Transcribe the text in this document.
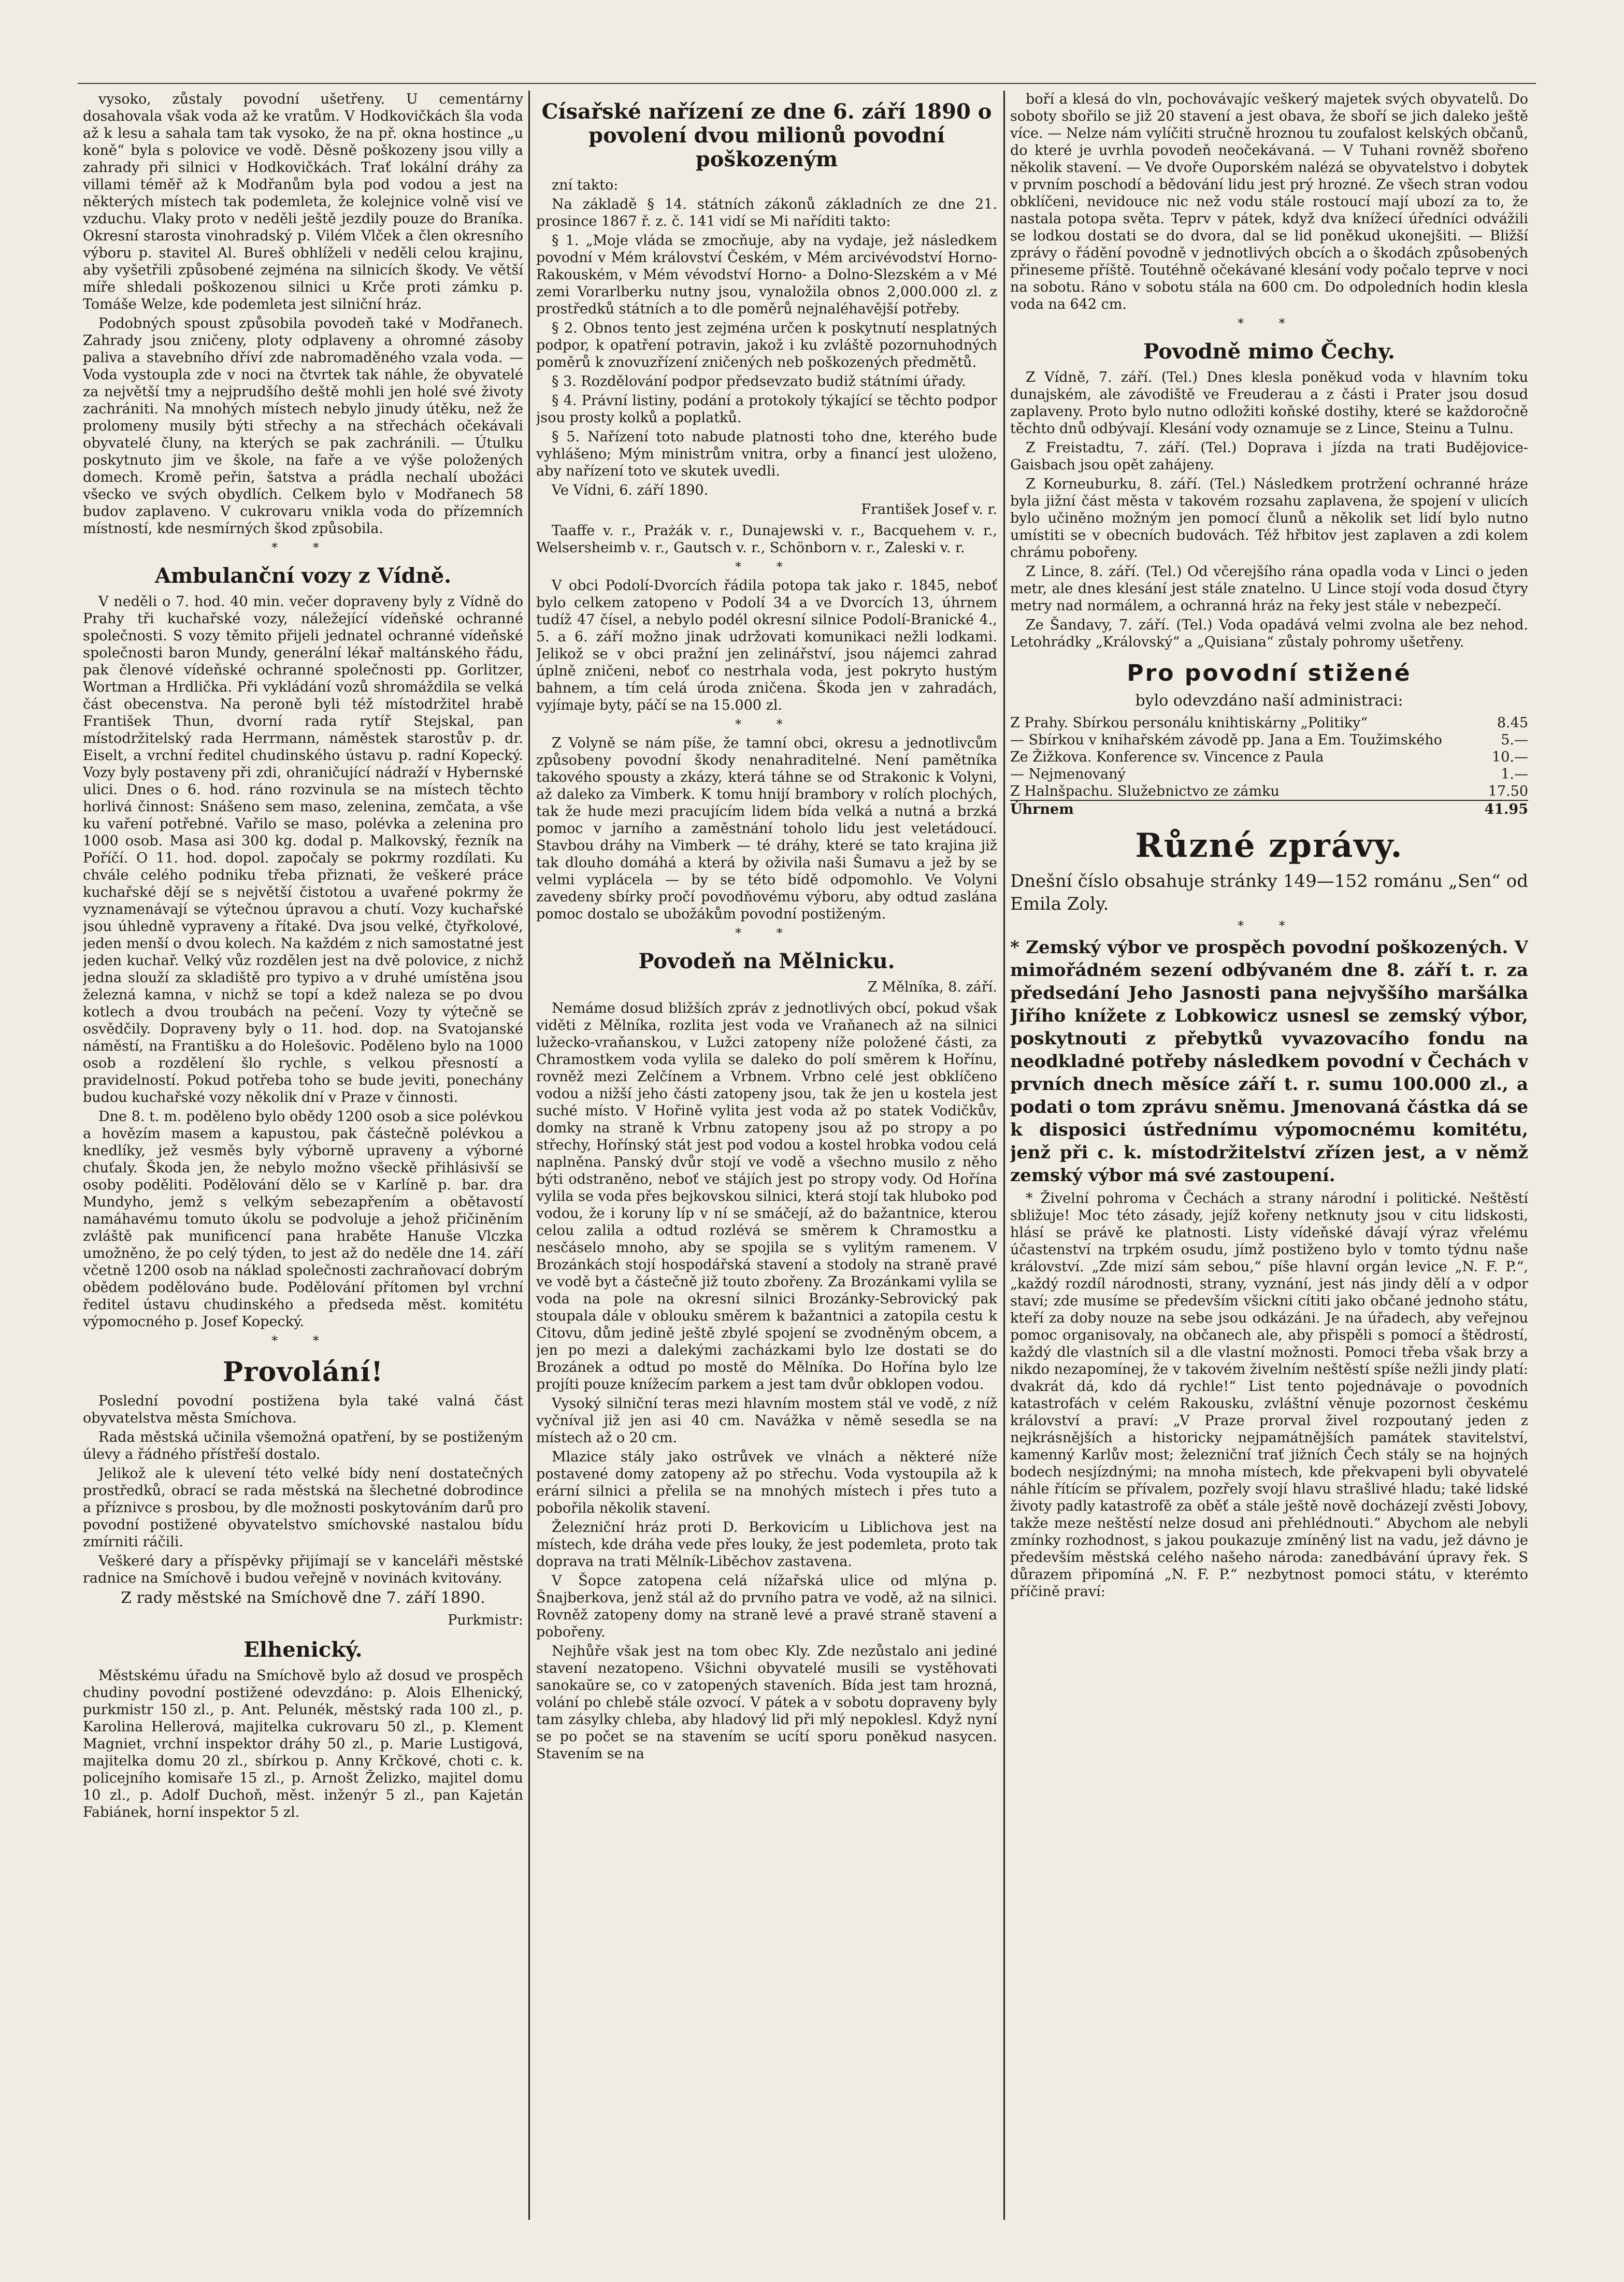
vysoko, zůstaly povodní ušetřeny. U cementárny dosahovala však voda až ke vratům. V Hodkovičkách šla voda až k lesu a sahala tam tak vysoko, že na př. okna hostince „u koně“ byla s polovice ve vodě. Děsně poškozeny jsou villy a zahrady při silnici v Hodkovičkách. Trať lokální dráhy za villami téměř až k Modřanům byla pod vodou a jest na některých místech tak podemleta, že kolejnice volně visí ve vzduchu. Vlaky proto v neděli ještě jezdily pouze do Braníka. Okresní starosta vinohradský p. Vilém Vlček a člen okresního výboru p. stavitel Al. Bureš obhlíželi v neděli celou krajinu, aby vyšetřili způsobené zejména na silnicích škody. Ve větší míře shledali poškozenou silnici u Krče proti zámku p. Tomáše Welze, kde podemleta jest silniční hráz.

Podobných spoust způsobila povodeň také v Modřanech. Zahrady jsou zničeny, ploty odplaveny a ohromné zásoby paliva a stavebního dříví zde nabromaděného vzala voda. — Voda vystoupla zde v noci na čtvrtek tak náhle, že obyvatelé za největší tmy a nejprudšího deště mohli jen holé své životy zachrániti. Na mnohých místech nebylo jinudy útěku, než že prolomeny musily býti střechy a na střechách očekávali obyvatelé čluny, na kterých se pak zachránili. — Útulku poskytnuto jim ve škole, na faře a ve výše položených domech. Kromě peřin, šatstva a prádla nechalí ubožáci všecko ve svých obydlích. Celkem bylo v Modřanech 58 budov zaplaveno. V cukrovaru vnikla voda do přízemních místností, kde nesmírných škod způsobila.

* *

Ambulanční vozy z Vídně.

V neděli o 7. hod. 40 min. večer dopraveny byly z Vídně do Prahy tři kuchařské vozy, náležející vídeňské ochranné společnosti. S vozy těmito přijeli jednatel ochranné vídeňské společnosti baron Mundy, generální lékař maltánského řádu, pak členové vídeňské ochranné společnosti pp. Gorlitzer, Wortman a Hrdlička. Při vykládání vozů shromáždila se velká část obecenstva. Na peroně byli též místodržitel hrabě František Thun, dvorní rada rytíř Stejskal, pan místodržitelský rada Herrmann, náměstek starostův p. dr. Eiselt, a vrchní ředitel chudinského ústavu p. radní Kopecký. Vozy byly postaveny při zdi, ohraničující nádraží v Hybernské ulici. Dnes o 6. hod. ráno rozvinula se na místech těchto horlivá činnost: Snášeno sem maso, zelenina, zemčata, a vše ku vaření potřebné. Vařilo se maso, polévka a zelenina pro 1000 osob. Masa asi 300 kg. dodal p. Malkovský, řezník na Poříčí. O 11. hod. dopol. započaly se pokrmy rozdílati. Ku chvále celého podniku třeba přiznati, že veškeré práce kuchařské dějí se s největší čistotou a uvařené pokrmy že vyznamenávají se výtečnou úpravou a chutí. Vozy kuchařské jsou úhledně vypraveny a řítaké. Dva jsou velké, čtyřkolové, jeden menší o dvou kolech. Na každém z nich samostatné jest jeden kuchař. Velký vůz rozdělen jest na dvě polovice, z nichž jedna slouží za skladiště pro typivo a v druhé umístěna jsou železná kamna, v nichž se topí a kdež naleza se po dvou kotlech a dvou troubách na pečení. Vozy ty výtečně se osvědčily. Dopraveny byly o 11. hod. dop. na Svatojanské náměstí, na Františku a do Holešovic. Poděleno bylo na 1000 osob a rozdělení šlo rychle, s velkou přesností a pravidelností. Pokud potřeba toho se bude jeviti, ponechány budou kuchařské vozy několik dní v Praze v činnosti.

Dne 8. t. m. poděleno bylo obědy 1200 osob a sice polévkou a hovězím masem a kapustou, pak částečně polévkou a knedlíky, jež vesměs byly výborně upraveny a výborné chuťaly. Škoda jen, že nebylo možno všeckě přihlásivší se osoby poděliti. Podělování dělo se v Karlíně p. bar. dra Mundyho, jemž s velkým sebezapřením a obětavostí namáhavému tomuto úkolu se podvoluje a jehož přičiněním zvláště pak munificencí pana hraběte Hanuše Vlczka umožněno, že po celý týden, to jest až do neděle dne 14. září včetně 1200 osob na náklad společnosti zachraňovací dobrým obědem podělováno bude. Podělování přítomen byl vrchní ředitel ústavu chudinského a předseda měst. komitétu výpomocného p. Josef Kopecký.

* *

Provolání!

Poslední povodní postižena byla také valná část obyvatelstva města Smíchova.

Rada městská učinila všemožná opatření, by se postiženým úlevy a řádného přístřeší dostalo.

Jelikož ale k ulevení této velké bídy není dostatečných prostředků, obrací se rada městská na šlechetné dobrodince a příznivce s prosbou, by dle možnosti poskytováním darů pro povodní postižené obyvatelstvo smíchovské nastalou bídu zmírniti ráčili.

Veškeré dary a příspěvky přijímají se v kanceláři městské radnice na Smíchově i budou veřejně v novinách kvitovány.

Z rady městské na Smíchově dne 7. září 1890.

Purkmistr:

Elhenický.

Městskému úřadu na Smíchově bylo až dosud ve prospěch chudiny povodní postižené odevzdáno: p. Alois Elhenický, purkmistr 150 zl., p. Ant. Pelunék, městský rada 100 zl., p. Karolina Hellerová, majitelka cukrovaru 50 zl., p. Klement Magniet, vrchní inspektor dráhy 50 zl., p. Marie Lustigová, majitelka domu 20 zl., sbírkou p. Anny Krčkové, choti c. k. policejního komisaře 15 zl., p. Arnošt Želizko, majitel domu 10 zl., p. Adolf Duchoň, měst. inženýr 5 zl., pan Kajetán Fabiánek, horní inspektor 5 zl.

Císařské nařízení ze dne 6. září 1890 o povolení dvou milionů povodní poškozeným

zní takto:

Na základě § 14. státních zákonů základních ze dne 21. prosince 1867 ř. z. č. 141 vidí se Mi naříditi takto:

§ 1. „Moje vláda se zmocňuje, aby na vydaje, jež následkem povodní v Mém království Českém, v Mém arcivévodství Horno-Rakouském, v Mém vévodství Horno- a Dolno-Slezském a v Mé zemi Vorarlberku nutny jsou, vynaložila obnos 2,000.000 zl. z prostředků státních a to dle poměrů nejnaléhavější potřeby.

§ 2. Obnos tento jest zejména určen k poskytnutí nesplatných podpor, k opatření potravin, jakož i ku zvláště pozornuhodných poměrů k znovuzřízení zničených neb poškozených předmětů.

§ 3. Rozdělování podpor předsevzato budiž státními úřady.

§ 4. Právní listiny, podání a protokoly týkající se těchto podpor jsou prosty kolků a poplatků.

§ 5. Nařízení toto nabude platnosti toho dne, kterého bude vyhlášeno; Mým ministrům vnitra, orby a financí jest uloženo, aby nařízení toto ve skutek uvedli.

Ve Vídni, 6. září 1890.

František Josef v. r.

Taaffe v. r., Prażák v. r., Dunajewski v. r., Bacquehem v. r., Welsersheimb v. r., Gautsch v. r., Schönborn v. r., Zaleski v. r.

* *

V obci Podolí-Dvorcích řádila potopa tak jako r. 1845, neboť bylo celkem zatopeno v Podolí 34 a ve Dvorcích 13, úhrnem tudíž 47 čísel, a nebylo podél okresní silnice Podolí-Branické 4., 5. a 6. září možno jinak udržovati komunikaci nežli lodkami. Jelikož se v obci pražní jen zelinářství, jsou nájemci zahrad úplně zničeni, neboť co nestrhala voda, jest pokryto hustým bahnem, a tím celá úroda zničena. Škoda jen v zahradách, vyjímaje byty, páčí se na 15.000 zl.

* *

Z Volyně se nám píše, že tamní obci, okresu a jednotlivcům způsobeny povodní škody nenahraditelné. Není pamětníka takového spousty a zkázy, která táhne se od Strakonic k Volyni, až daleko za Vimberk. K tomu hnijí brambory v rolích plochých, tak že hude mezi pracujícím lidem bída velká a nutná a brzká pomoc v jarního a zaměstnání toholo lidu jest veletádoucí. Stavbou dráhy na Vimberk — té dráhy, které se tato krajina již tak dlouho domáhá a která by oživila naši Šumavu a jež by se velmi vyplácela — by se této bídě odpomohlo. Ve Volyni zavedeny sbírky pročí povodňovému výboru, aby odtud zaslána pomoc dostalo se ubožákům povodní postiženým.

* *

Povodeň na Mělnicku.

Z Mělníka, 8. září.

Nemáme dosud bližších zpráv z jednotlivých obcí, pokud však viděti z Mělníka, rozlita jest voda ve Vraňanech až na silnici lužecko-vraňanskou, v Lužci zatopeny níže položené části, za Chramostkem voda vylila se daleko do polí směrem k Hořínu, rovněž mezi Zelčínem a Vrbnem. Vrbno celé jest obklíčeno vodou a nižší jeho části zatopeny jsou, tak že jen u kostela jest suché místo. V Hořině vylita jest voda až po statek Vodičkův, domky na straně k Vrbnu zatopeny jsou až po stropy a po střechy, Hořínský stát jest pod vodou a kostel hrobka vodou celá naplněna. Panský dvůr stojí ve vodě a všechno musilo z něho býti odstraněno, neboť ve stájích jest po stropy vody. Od Hořína vylila se voda přes bejkovskou silnici, která stojí tak hluboko pod vodou, že i koruny líp v ní se smáčejí, až do bažantnice, kterou celou zalila a odtud rozlévá se směrem k Chramostku a nesčáselo mnoho, aby se spojila se s vylitým ramenem. V Brozánkách stojí hospodářská stavení a stodoly na straně pravé ve vodě byt a částečně již touto zbořeny. Za Brozánkami vylila se voda na pole na okresní silnici Brozánky-Sebrovický pak stoupala dále v oblouku směrem k bažantnici a zatopila cestu k Citovu, dům jedině ještě zbylé spojení se zvodněným obcem, a jen po mezi a dalekými zacházkami bylo lze dostati se do Brozánek a odtud po mostě do Mělníka. Do Hořína bylo lze projíti pouze knížecím parkem a jest tam dvůr obklopen vodou.

Vysoký silniční teras mezi hlavním mostem stál ve vodě, z níž vyčníval již jen asi 40 cm. Navážka v němě sesedla se na místech až o 20 cm.

Mlazice stály jako ostrůvek ve vlnách a některé níže postavené domy zatopeny až po střechu. Voda vystoupila až k erární silnici a přelila se na mnohých místech i přes tuto a pobořila několik stavení.

Železniční hráz proti D. Berkovicím u Liblichova jest na místech, kde dráha vede přes louky, že jest podemleta, proto tak doprava na trati Mělník-Liběchov zastavena.

V Šopce zatopena celá nížařská ulice od mlýna p. Šnajberkova, jenž stál až do prvního patra ve vodě, až na silnici. Rovněž zatopeny domy na straně levé a pravé straně stavení a pobořeny.

Nejhůře však jest na tom obec Kly. Zde nezůstalo ani jediné stavení nezatopeno. Všichni obyvatelé musili se vystěhovati sanokaŭre se, co v zatopených staveních. Bída jest tam hrozná, volání po chlebě stále ozvocí. V pátek a v sobotu dopraveny byly tam zásylky chleba, aby hladový lid při mlý nepoklesl. Když nyní se po počet se na stavením se ucítí sporu poněkud nasycen. Stavením se na

boří a klesá do vln, pochovávajíc veškerý majetek svých obyvatelů. Do soboty sbořilo se již 20 stavení a jest obava, že sboří se jich daleko ještě více. — Nelze nám vylíčiti stručně hroznou tu zoufalost kelských občanů, do které je uvrhla povodeň neočekávaná. — V Tuhani rovněž sbořeno několik stavení. — Ve dvoře Ouporském nalézá se obyvatelstvo i dobytek v prvním poschodí a bědování lidu jest prý hrozné. Ze všech stran vodou obklíčeni, nevidouce nic než vodu stále rostoucí mají ubozí za to, že nastala potopa světa. Teprv v pátek, když dva knížecí úředníci odvážili se lodkou dostati se do dvora, dal se lid poněkud ukonejšiti. — Bližší zprávy o řádění povodně v jednotlivých obcích a o škodách způsobených přineseme příště. Toutéhně očekávané klesání vody počalo teprve v noci na sobotu. Ráno v sobotu stála na 600 cm. Do odpoledních hodin klesla voda na 642 cm.

* *

Povodně mimo Čechy.

Z Vídně, 7. září. (Tel.) Dnes klesla poněkud voda v hlavním toku dunajském, ale závodiště ve Freuderau a z části i Prater jsou dosud zaplaveny. Proto bylo nutno odložiti koňské dostihy, které se každoročně těchto dnů odbývají. Klesání vody oznamuje se z Lince, Steinu a Tulnu.

Z Freistadtu, 7. září. (Tel.) Doprava i jízda na trati Budějovice-Gaisbach jsou opět zahájeny.

Z Korneuburku, 8. září. (Tel.) Následkem protržení ochranné hráze byla jižní část města v takovém rozsahu zaplavena, že spojení v ulicích bylo učiněno možným jen pomocí člunů a několik set lidí bylo nutno umístiti se v obecních budovách. Též hřbitov jest zaplaven a zdi kolem chrámu pobořeny.

Z Lince, 8. září. (Tel.) Od včerejšího rána opadla voda v Linci o jeden metr, ale dnes klesání jest stále znatelno. U Lince stojí voda dosud čtyry metry nad normálem, a ochranná hráz na řeky jest stále v nebezpečí.

Ze Šandavy, 7. září. (Tel.) Voda opadává velmi zvolna ale bez nehod. Letohrádky „Královský“ a „Quisiana“ zůstaly pohromy ušetřeny.

Pro povodní stižené

bylo odevzdáno naší administraci:

Z Prahy. Sbírkou personálu knihtiskárny „Politiky“	8.45
— Sbírkou v knihařském závodě pp. Jana a Em. Toužimského	5.—
Ze Žižkova. Konference sv. Vincence z Paula	10.—
— Nejmenovaný	1.—
Z Halnšpachu. Služebnictvo ze zámku	17.50
Úhrnem	41.95
Různé zprávy.

Dnešní číslo obsahuje stránky 149—152 románu „Sen“ od Emila Zoly.

* *

* Zemský výbor ve prospěch povodní poškozených. V mimořádném sezení odbývaném dne 8. září t. r. za předsedání Jeho Jasnosti pana nejvyššího maršálka Jiřího knížete z Lobkowicz usnesl se zemský výbor, poskytnouti z přebytků vyvazovacího fondu na neodkladné potřeby následkem povodní v Čechách v prvních dnech měsíce září t. r. sumu 100.000 zl., a podati o tom zprávu sněmu. Jmenovaná částka dá se k disposici ústřednímu výpomocnému komitétu, jenž při c. k. místodržitelství zřízen jest, a v němž zemský výbor má své zastoupení.

* Živelní pohroma v Čechách a strany národní i politické. Neštěstí sbližuje! Moc této zásady, jejíž kořeny netknuty jsou v citu lidskosti, hlásí se právě ke platnosti. Listy vídeňské dávají výraz vřelému účastenství na trpkém osudu, jímž postiženo bylo v tomto týdnu naše království. „Zde mizí sám sebou,“ píše hlavní orgán levice „N. F. P.“, „každý rozdíl národnosti, strany, vyznání, jest nás jindy dělí a v odpor staví; zde musíme se především všickni cítiti jako občané jednoho státu, kteří za doby nouze na sebe jsou odkázáni. Je na úřadech, aby veřejnou pomoc organisovaly, na občanech ale, aby přispěli s pomocí a štědrostí, každý dle vlastních sil a dle vlastní možnosti. Pomoci třeba však brzy a nikdo nezapomínej, že v takovém živelním neštěstí spíše nežli jindy platí: dvakrát dá, kdo dá rychle!“ List tento pojednávaje o povodních katastrofách v celém Rakousku, zvláštní věnuje pozornost českému království a praví: „V Praze prorval živel rozpoutaný jeden z nejkrásnějších a historicky nejpamátnějších památek stavitelství, kamenný Karlův most; železniční trať jižních Čech stály se na hojných bodech nesjízdnými; na mnoha místech, kde překvapeni byli obyvatelé náhle řítícím se přívalem, pozřely svojí hlavu strašlivé hladu; také lidské životy padly katastrofě za oběť a stále ještě nově docházejí zvěsti Jobovy, takže meze neštěstí nelze dosud ani přehlédnouti.“ Abychom ale nebyli zmínky rozhodnost, s jakou poukazuje zmíněný list na vadu, jež dávno je především městská celého našeho národa: zanedbávání úpravy řek. S důrazem připomíná „N. F. P.“ nezbytnost pomoci státu, v kterémto příčině praví:
